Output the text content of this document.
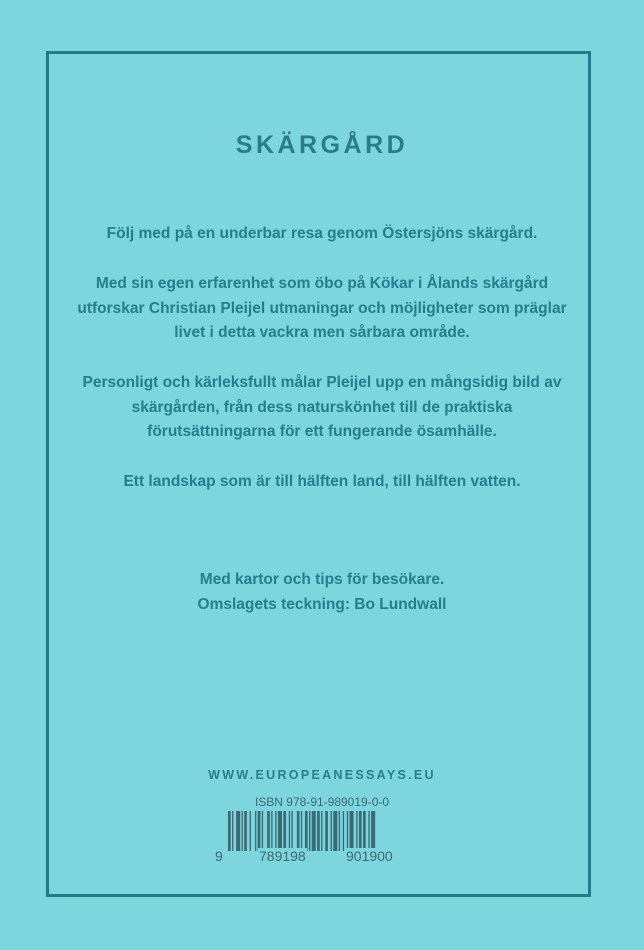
SKÄRGÅRD
Följ med på en underbar resa genom Östersjöns skärgård.
Med sin egen erfarenhet som öbo på Kökar i Ålands skärgård utforskar Christian Pleijel utmaningar och möjligheter som präglar livet i detta vackra men sårbara område.
Personligt och kärleksfullt målar Pleijel upp en mångsidig bild av skärgården, från dess naturskönhet till de praktiska förutsättningarna för ett fungerande ösamhälle.
Ett landskap som är till hälften land, till hälften vatten.
Med kartor och tips för besökare.
Omslagets teckning: Bo Lundwall
WWW.EUROPEANESSAYS.EU
ISBN 978-91-989019-0-0
9	789198	901900
